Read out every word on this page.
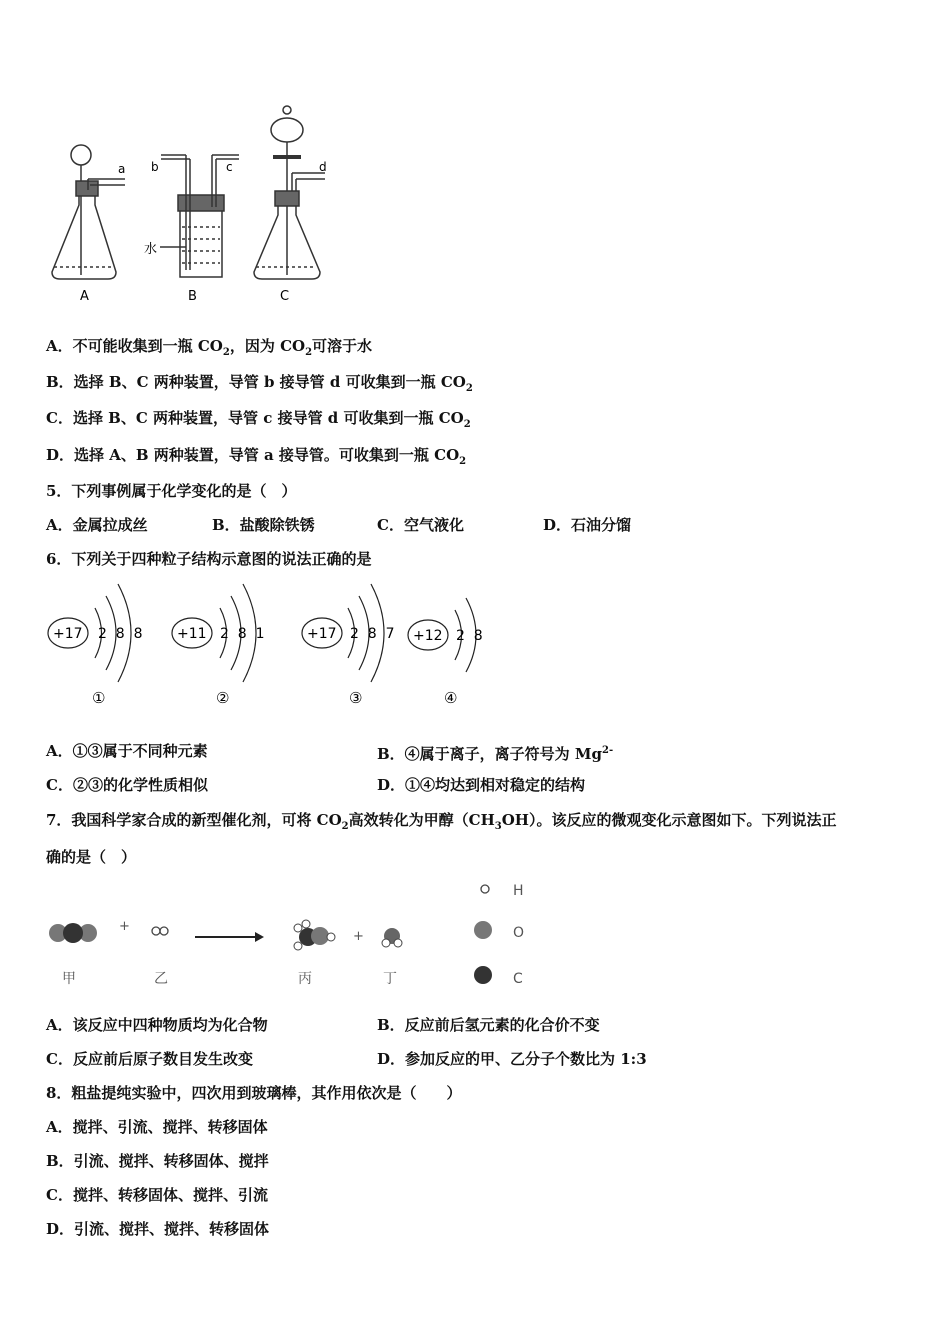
a b	c	d
水
A	B	C
A．不可能收集到一瓶 $CO_2$，因为 $CO_2$可溶于水
B．选择 B、C 两种装置，导管 b 接导管 d 可收集到一瓶 $CO_2$
C．选择 B、C 两种装置，导管 c 接导管 d 可收集到一瓶 $CO_2$
D．选择 A、B 两种装置，导管 a 接导管。可收集到一瓶 $CO_2$
5．下列事例属于化学变化的是（　）
A．金属拉成丝	B．盐酸除铁锈	C．空气液化	D．石油分馏
6．下列关于四种粒子结构示意图的说法正确的是
+17 2  8  8
①
+11 2  8  1
②
+17 2  8  7
③
+12 2  8
④
A．①③属于不同种元素	B．④属于离子，离子符号为 $Mg^{2-}$
C．②③的化学性质相似	D．①④均达到相对稳定的结构
7．我国科学家合成的新型催化剂，可将 $CO_2$高效转化为甲醇$(CH_3OH)$。该反应的微观变化示意图如下。下列说法正
确的是（　）
+
+
甲	乙	丙	丁
H
O
C
A．该反应中四种物质均为化合物	B．反应前后氢元素的化合价不变
C．反应前后原子数目发生改变	D．参加反应的甲、乙分子个数比为 1:3
8．粗盐提纯实验中，四次用到玻璃棒，其作用依次是（　　）
A．搅拌、引流、搅拌、转移固体
B．引流、搅拌、转移固体、搅拌
C．搅拌、转移固体、搅拌、引流
D．引流、搅拌、搅拌、转移固体
